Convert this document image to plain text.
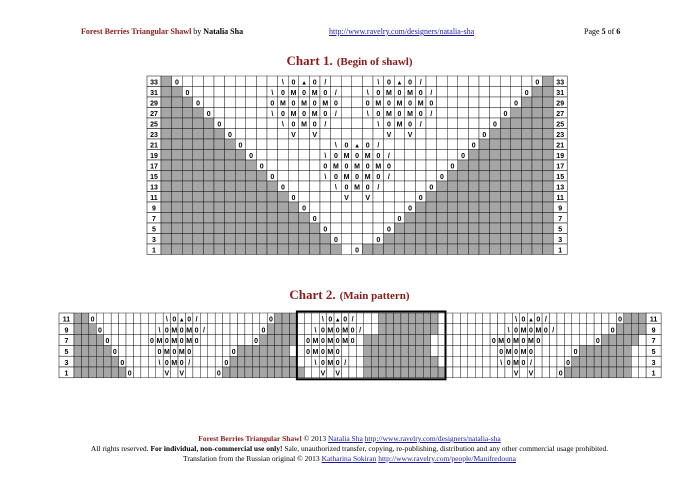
Forest Berries Triangular Shawl by Natalia Sha	http://www.ravelry.com/designers/natalia-sha	Page 5 of 6
Chart 1. (Begin of shawl)
33 0	\ 0 ▲ 0 /	\ 0 ▲ 0 /	0 33
31	0	\ 0 M 0 M 0 /	\ 0 M 0 M 0 /	0	31
29	0	0 M 0 M 0 M 0	0 M 0 M 0 M 0	0	29
27	0	\ 0 M 0 M 0 /	\ 0 M 0 M 0 /	0	27
25	0	\ 0 M 0 /	\ 0 M 0 /	0	25
23	0	V V	V V	0	23
21	0	\ 0 ▲ 0 /	0	21
19	0	\ 0 M 0 M 0 /	0	19
17	0	0 M 0 M 0 M 0	0	17
15	0	\ 0 M 0 M 0 /	0	15
13	0	\ 0 M 0 /	0	13
11	0	V V	0	11
9	0	0	9
7	0	0	7
5	0	0	5
3	0	0	3
1	0	1
Chart 2. (Main pattern)
11	0	\ 0 ▲ 0 /	0	\ 0 ▲ 0 /	\ 0 ▲ 0 /	0	11
9	0	\ 0 M 0 M 0 /	0	\ 0 M 0 M 0 /	\ 0 M 0 M 0 /	0	9
7	0	0 M 0 M 0 M 0	0	0 M 0 M 0 M 0	0 M 0 M 0 M 0	0	7
5	0	0 M 0 M 0	0	0 M 0 M 0	0 M 0 M 0	0	5
3	0	\ 0 M 0 /	0	\ 0 M 0 /	\ 0 M 0 /	0	3
1	0	V V	0	V V	V V	0	1
Forest Berries Triangular Shawl © 2013 Natalia Sha http://www.ravelry.com/designers/natalia-sha
All rights reserved. For individual, non-commercial use only! Sale, unauthorized transfer, copying, re-publishing, distribution and any other commercial usage prohibited.
Translation from the Russian original © 2013 Katharina Sokiran http://www.ravelry.com/people/Manifredouna
